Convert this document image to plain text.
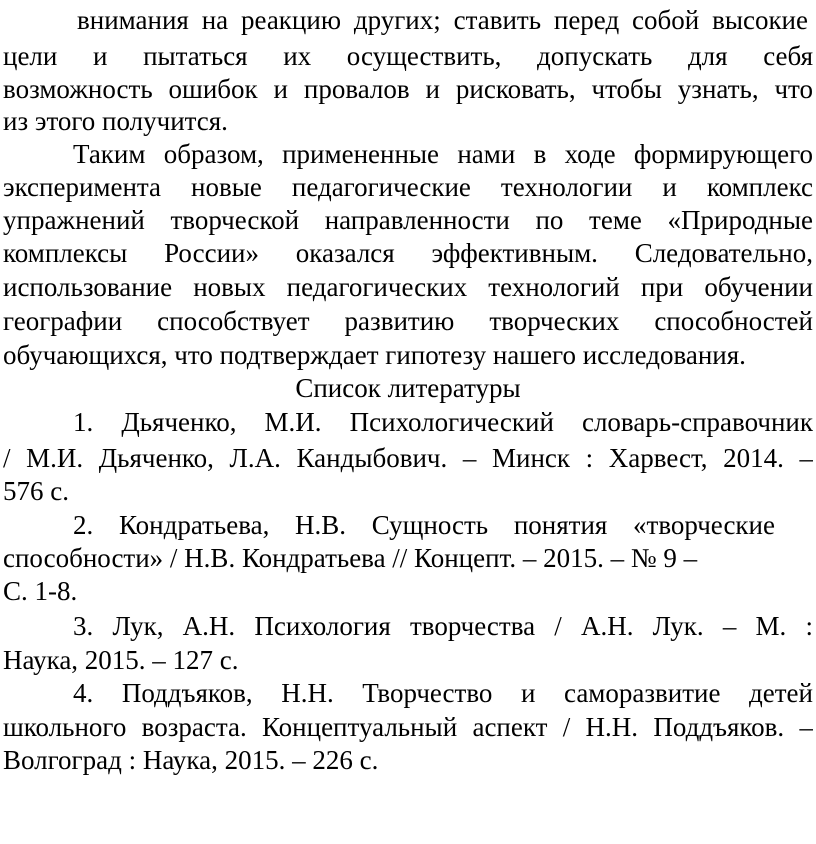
внимания на реакцию других; ставить перед собой высокие
цели и пытаться их осуществить, допускать для себя
возможность ошибок и провалов и рисковать, чтобы узнать, что
из этого получится.
Таким образом, примененные нами в ходе формирующего
эксперимента новые педагогические технологии и комплекс
упражнений творческой направленности по теме «Природные
комплексы России» оказался эффективным. Следовательно,
использование новых педагогических технологий при обучении
географии способствует развитию творческих способностей
обучающихся, что подтверждает гипотезу нашего исследования.
Список литературы
1. Дьяченко, М.И. Психологический словарь-справочник
/ М.И. Дьяченко, Л.А. Кандыбович. – Минск : Харвест, 2014. –
576 с.
2. Кондратьева, Н.В. Сущность понятия «творческие
способности» / Н.В. Кондратьева // Концепт. – 2015. – № 9 –
С. 1-8.
3. Лук, А.Н. Психология творчества / А.Н. Лук. – М. :
Наука, 2015. – 127 с.
4. Поддъяков, Н.Н. Творчество и саморазвитие детей
школьного возраста. Концептуальный аспект / Н.Н. Поддъяков. –
Волгоград : Наука, 2015. – 226 с.
